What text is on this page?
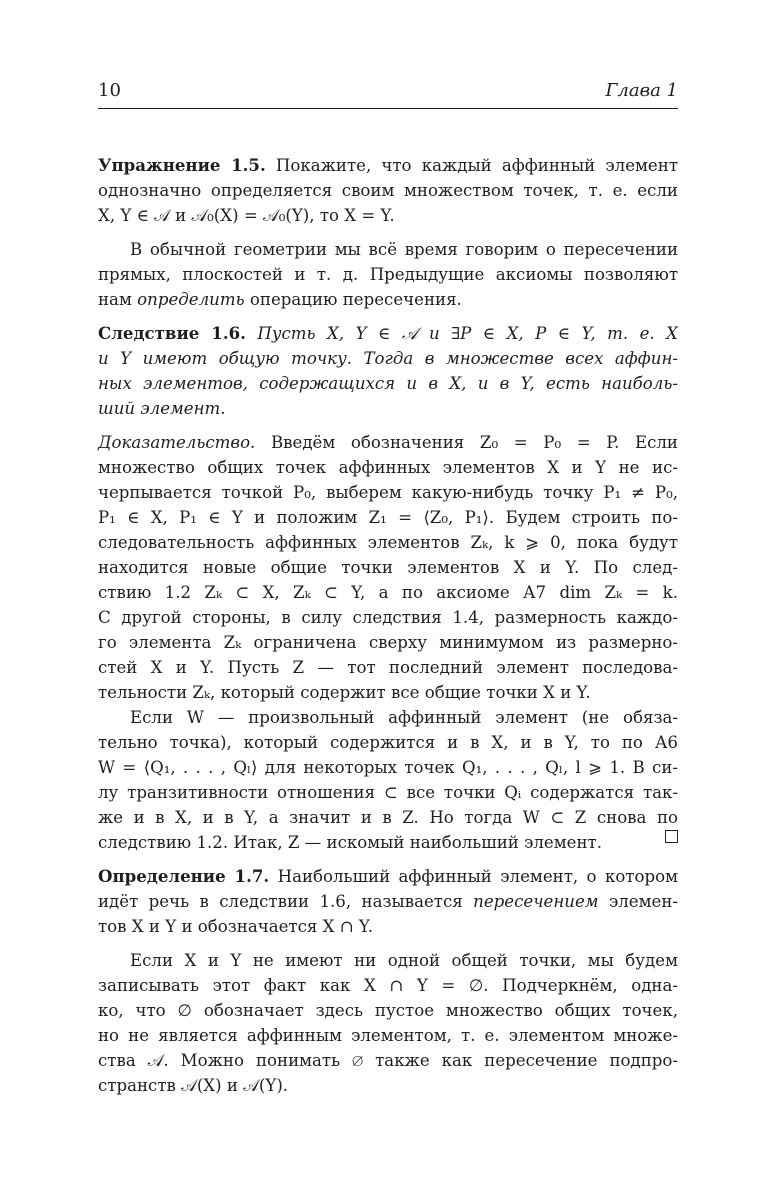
10	Глава 1
Упражнение 1.5. Покажите, что каждый аффинный элемент
однозначно определяется своим множеством точек, т. е. если
X, Y ∈ 𝒜 и 𝒜₀(X) = 𝒜₀(Y), то X = Y.
В обычной геометрии мы всё время говорим о пересечении
прямых, плоскостей и т. д. Предыдущие аксиомы позволяют
нам определить операцию пересечения.
Следствие 1.6. Пусть X, Y ∈ 𝒜 и ∃P ∈ X, P ∈ Y, т. е. X
и Y имеют общую точку. Тогда в множестве всех аффин-
ных элементов, содержащихся и в X, и в Y, есть наиболь-
ший элемент.
Доказательство. Введём обозначения Z₀ = P₀ = P. Если
множество общих точек аффинных элементов X и Y не ис-
черпывается точкой P₀, выберем какую-нибудь точку P₁ ≠ P₀,
P₁ ∈ X, P₁ ∈ Y и положим Z₁ = ⟨Z₀, P₁⟩. Будем строить по-
следовательность аффинных элементов Zₖ, k ⩾ 0, пока будут
находится новые общие точки элементов X и Y. По след-
ствию 1.2 Zₖ ⊂ X, Zₖ ⊂ Y, а по аксиоме А7 dim Zₖ = k.
С другой стороны, в силу следствия 1.4, размерность каждо-
го элемента Zₖ ограничена сверху минимумом из размерно-
стей X и Y. Пусть Z — тот последний элемент последова-
тельности Zₖ, который содержит все общие точки X и Y.
Если W — произвольный аффинный элемент (не обяза-
тельно точка), который содержится и в X, и в Y, то по А6
W = ⟨Q₁, . . . , Qₗ⟩ для некоторых точек Q₁, . . . , Qₗ, l ⩾ 1. В си-
лу транзитивности отношения ⊂ все точки Qᵢ содержатся так-
же и в X, и в Y, а значит и в Z. Но тогда W ⊂ Z снова по
следствию 1.2. Итак, Z — искомый наибольший элемент.
Определение 1.7. Наибольший аффинный элемент, о котором
идёт речь в следствии 1.6, называется пересечением элемен-
тов X и Y и обозначается X ∩ Y.
Если X и Y не имеют ни одной общей точки, мы будем
записывать этот факт как X ∩ Y = ∅. Подчеркнём, одна-
ко, что ∅ обозначает здесь пустое множество общих точек,
но не является аффинным элементом, т. е. элементом множе-
ства 𝒜. Можно понимать ∅ также как пересечение подпро-
странств 𝒜(X) и 𝒜(Y).
